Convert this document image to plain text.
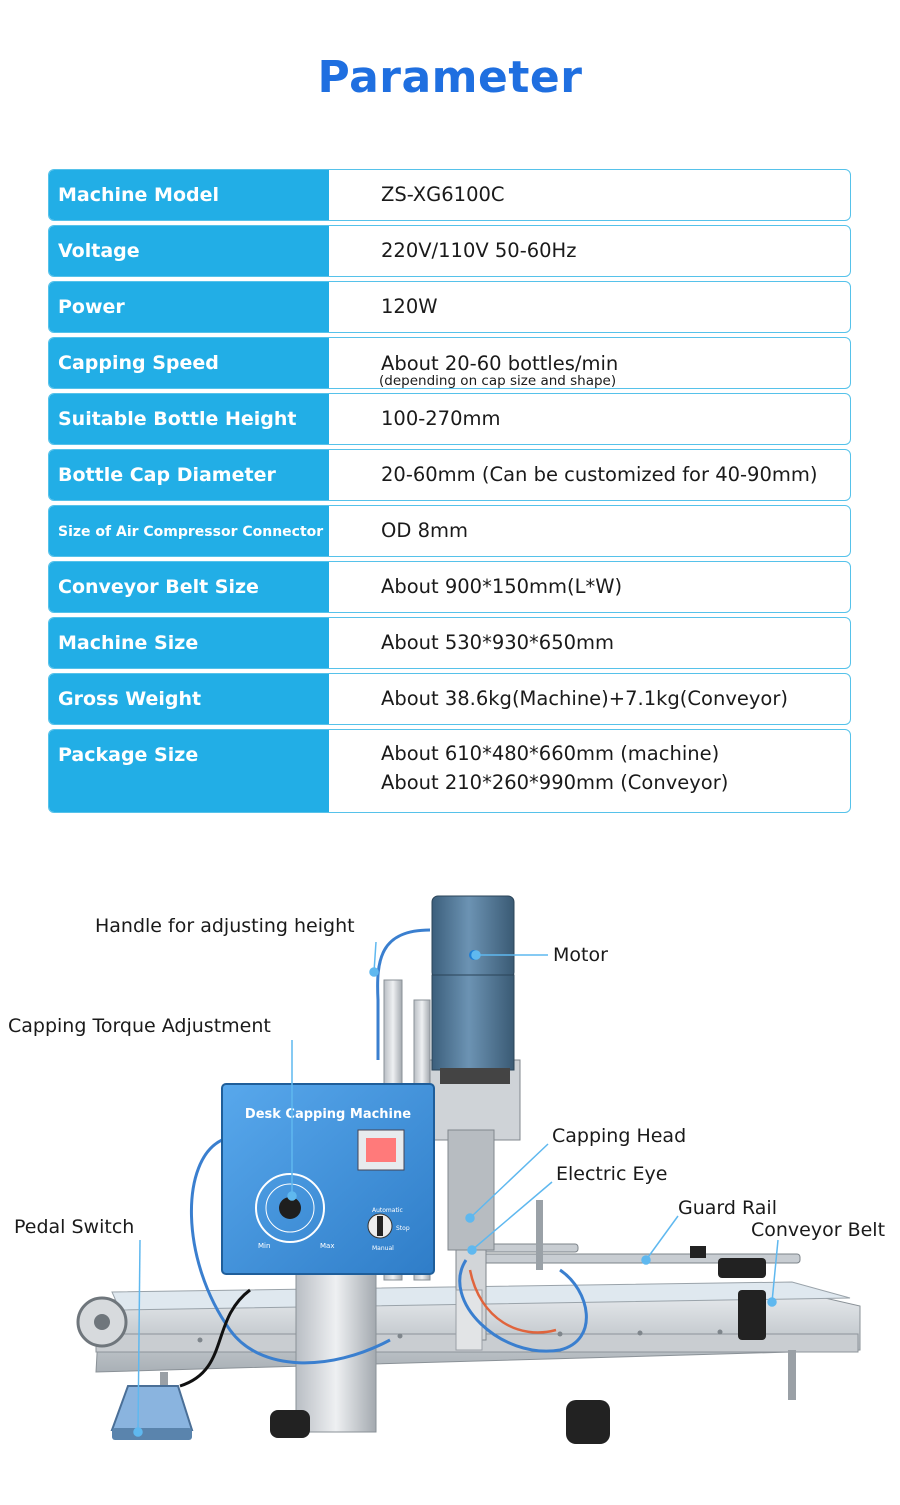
Parameter
Machine Model	ZS-XG6100C
Voltage	220V/110V 50-60Hz
Power	120W
Capping Speed	About 20-60 bottles/min
(depending on cap size and shape)
Suitable Bottle Height	100-270mm
Bottle Cap Diameter	20-60mm (Can be customized for 40-90mm)
Size of Air Compressor Connector	OD 8mm
Conveyor Belt Size	About 900*150mm(L*W)
Machine Size	About 530*930*650mm
Gross Weight	About 38.6kg(Machine)+7.1kg(Conveyor)
Package Size	About 610*480*660mm (machine)
About 210*260*990mm (Conveyor)
Desk Capping Machine
Min	Max
Automatic
Stop
Manual
Handle for adjusting height
Motor
Capping Torque Adjustment
Capping Head
Electric Eye
Pedal Switch
Guard Rail
Conveyor Belt
